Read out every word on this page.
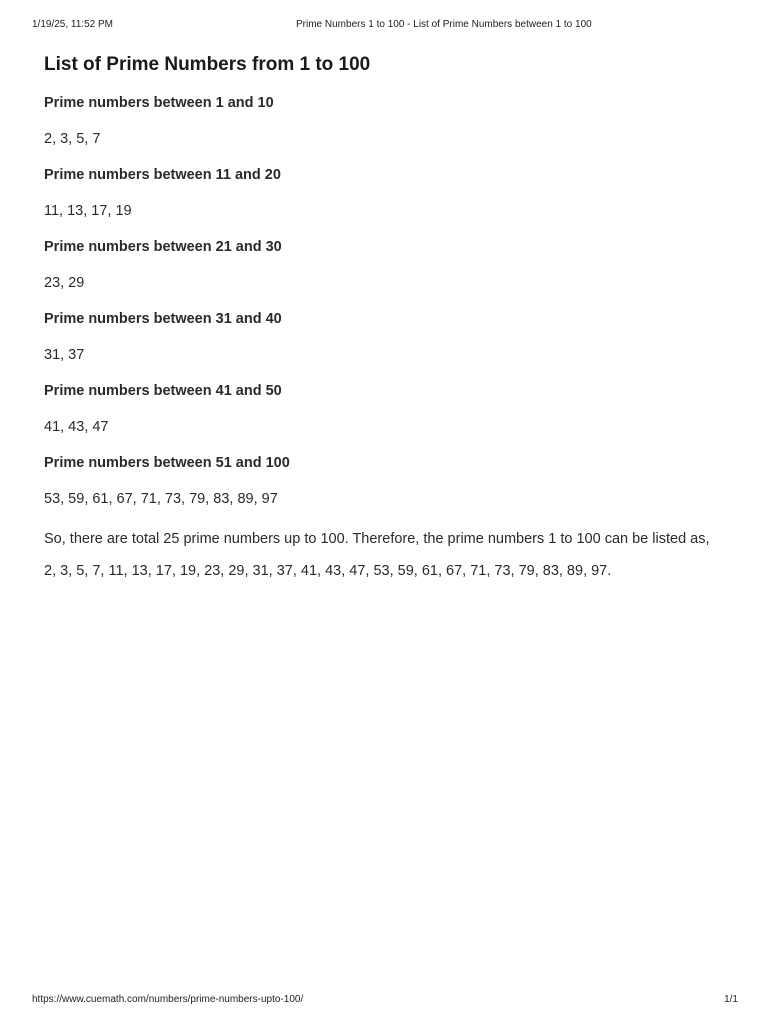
1/19/25, 11:52 PM	Prime Numbers 1 to 100 - List of Prime Numbers between 1 to 100
List of Prime Numbers from 1 to 100
Prime numbers between 1 and 10

2, 3, 5, 7

Prime numbers between 11 and 20

11, 13, 17, 19

Prime numbers between 21 and 30

23, 29

Prime numbers between 31 and 40

31, 37

Prime numbers between 41 and 50

41, 43, 47

Prime numbers between 51 and 100

53, 59, 61, 67, 71, 73, 79, 83, 89, 97

So, there are total 25 prime numbers up to 100. Therefore, the prime numbers 1 to 100 can be listed as,

2, 3, 5, 7, 11, 13, 17, 19, 23, 29, 31, 37, 41, 43, 47, 53, 59, 61, 67, 71, 73, 79, 83, 89, 97.

https://www.cuemath.com/numbers/prime-numbers-upto-100/	1/1
